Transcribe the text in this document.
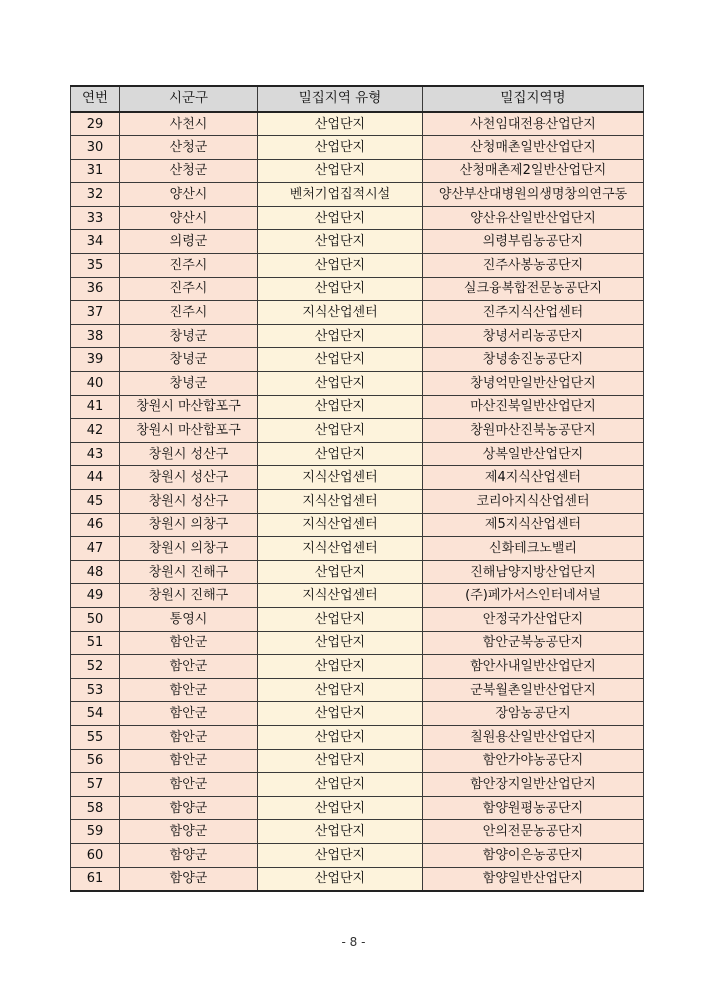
연번	시군구	밀집지역 유형	밀집지역명
29	사천시	산업단지	사천임대전용산업단지
30	산청군	산업단지	산청매촌일반산업단지
31	산청군	산업단지	산청매촌제2일반산업단지
32	양산시	벤처기업집적시설	양산부산대병원의생명창의연구동
33	양산시	산업단지	양산유산일반산업단지
34	의령군	산업단지	의령부림농공단지
35	진주시	산업단지	진주사봉농공단지
36	진주시	산업단지	실크융복합전문농공단지
37	진주시	지식산업센터	진주지식산업센터
38	창녕군	산업단지	창녕서리농공단지
39	창녕군	산업단지	창녕송진농공단지
40	창녕군	산업단지	창녕억만일반산업단지
41	창원시 마산합포구	산업단지	마산진북일반산업단지
42	창원시 마산합포구	산업단지	창원마산진북농공단지
43	창원시 성산구	산업단지	상복일반산업단지
44	창원시 성산구	지식산업센터	제4지식산업센터
45	창원시 성산구	지식산업센터	코리아지식산업센터
46	창원시 의창구	지식산업센터	제5지식산업센터
47	창원시 의창구	지식산업센터	신화테크노밸리
48	창원시 진해구	산업단지	진해남양지방산업단지
49	창원시 진해구	지식산업센터	(주)페가서스인터네셔널
50	통영시	산업단지	안정국가산업단지
51	함안군	산업단지	함안군북농공단지
52	함안군	산업단지	함안사내일반산업단지
53	함안군	산업단지	군북월촌일반산업단지
54	함안군	산업단지	장암농공단지
55	함안군	산업단지	칠원용산일반산업단지
56	함안군	산업단지	함안가야농공단지
57	함안군	산업단지	함안장지일반산업단지
58	함양군	산업단지	함양원평농공단지
59	함양군	산업단지	안의전문농공단지
60	함양군	산업단지	함양이은농공단지
61	함양군	산업단지	함양일반산업단지
- 8 -
